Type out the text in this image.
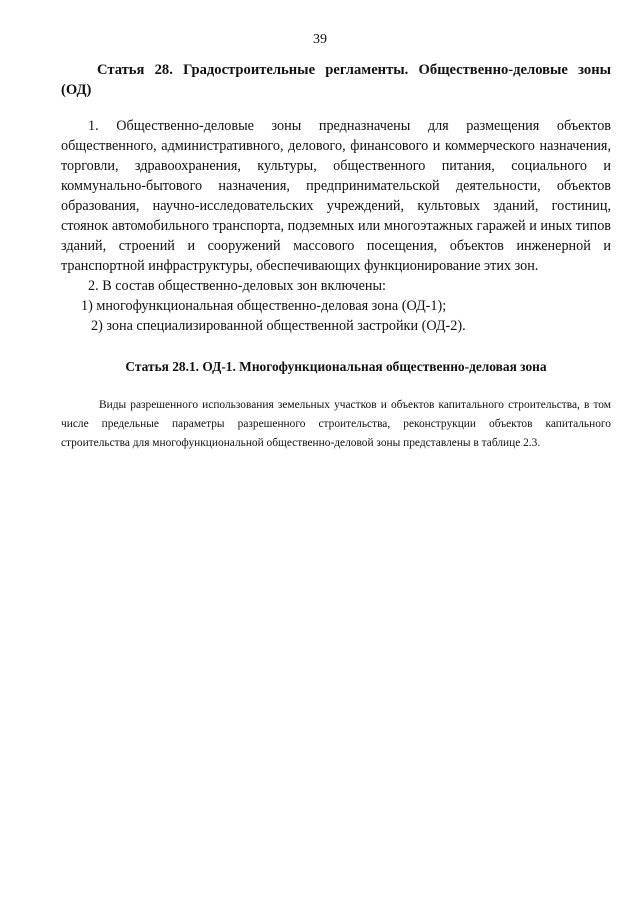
39
Статья 28. Градостроительные регламенты. Общественно-деловые зоны (ОД)

1. Общественно-деловые зоны предназначены для размещения объектов общественного, административного, делового, финансового и коммерческого назначения, торговли, здравоохранения, культуры, общественного питания, социального и коммунально-бытового назначения, предпринимательской деятельности, объектов образования, научно-исследовательских учреждений, культовых зданий, гостиниц, стоянок автомобильного транспорта, подземных или многоэтажных гаражей и иных типов зданий, строений и сооружений массового посещения, объектов инженерной и транспортной инфраструктуры, обеспечивающих функционирование этих зон.

2. В состав общественно-деловых зон включены:

1) многофункциональная общественно-деловая зона (ОД-1);
2) зона специализированной общественной застройки (ОД-2).
Статья 28.1. ОД-1. Многофункциональная общественно-деловая зона

Виды разрешенного использования земельных участков и объектов капитального строительства, в том числе предельные параметры разрешенного строительства, реконструкции объектов капитального строительства для многофункциональной общественно-деловой зоны представлены в таблице 2.3.
